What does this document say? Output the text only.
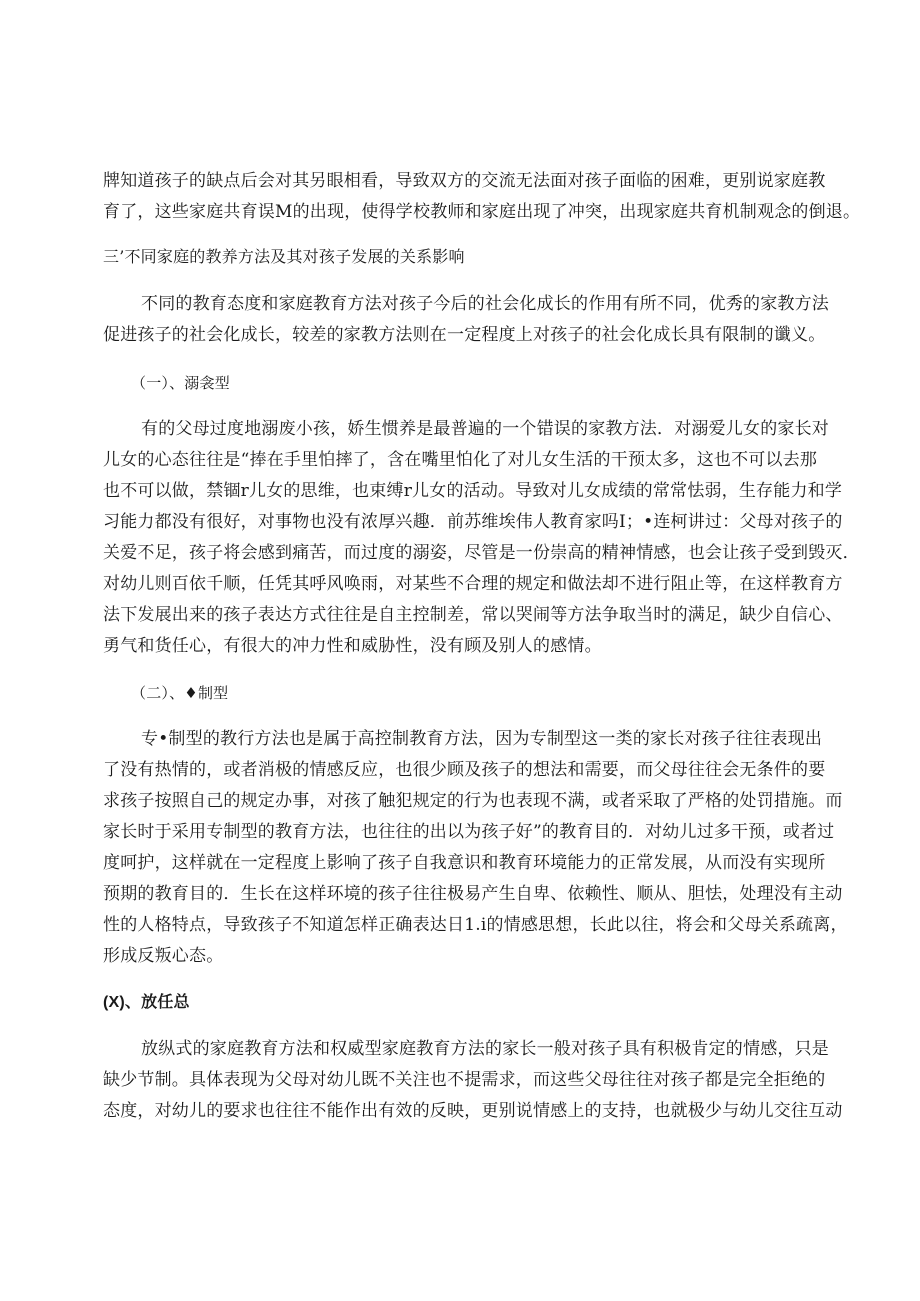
牌知道孩子的缺点后会对其另眼相看，导致双方的交流无法面对孩子面临的困难，更别说家庭教
育了，这些家庭共育误M的出现，使得学校教师和家庭出现了冲突，出现家庭共育机制观念的倒退。
三’不同家庭的教养方法及其对孩子发展的关系影响
不同的教育态度和家庭教育方法对孩子今后的社会化成长的作用有所不同，优秀的家教方法
促进孩子的社会化成长，较差的家教方法则在一定程度上对孩子的社会化成长具有限制的谶义。
（一）、溺衾型
有的父母过度地溺废小孩，娇生惯养是最普遍的一个错误的家教方法．对溺爱儿女的家长对
儿女的心态往往是“捧在手里怕摔了，含在嘴里怕化了对儿女生活的干预太多，这也不可以去那
也不可以做，禁锢r儿女的思维，也束缚r儿女的活动。导致对儿女成绩的常常怯弱，生存能力和学
习能力都没有很好，对事物也没有浓厚兴趣．前苏维埃伟人教育家吗I；•连柯讲过：父母对孩子的
关爱不足，孩子将会感到痛苦，而过度的溺姿，尽管是一份崇高的精神情感，也会让孩子受到毁灭．
对幼儿则百依千顺，任凭其呼风唤雨，对某些不合理的规定和做法却不进行阻止等，在这样教育方
法下发展出来的孩子表达方式往往是自主控制差，常以哭闹等方法争取当时的满足，缺少自信心、
勇气和货任心，有很大的冲力性和威胁性，没有顾及别人的感情。
（二）、♦制型
专•制型的教行方法也是属于高控制教育方法，因为专制型这一类的家长对孩子往往表现出
了没有热情的，或者消极的情感反应，也很少顾及孩子的想法和需要，而父母往往会无条件的要
求孩子按照自己的规定办事，对孩了触犯规定的行为也表现不满，或者采取了严格的处罚措施。而
家长时于采用专制型的教育方法，也往往的出以为孩子好”的教育目的．对幼儿过多干预，或者过
度呵护，这样就在一定程度上影响了孩子自我意识和教育环境能力的正常发展，从而没有实现所
预期的教育目的．生长在这样环境的孩子往往极易产生自卑、依赖性、顺从、胆怯，处理没有主动
性的人格特点，导致孩子不知道怎样正确表达日1.i的情感思想，长此以往，将会和父母关系疏离，
形成反叛心态。
(X)、放任总
放纵式的家庭教育方法和权威型家庭教育方法的家长一般对孩子具有积极肯定的情感，只是
缺少节制。具体表现为父母对幼儿既不关注也不提需求，而这些父母往往对孩子都是完全拒绝的
态度，对幼儿的要求也往往不能作出有效的反映，更别说情感上的支持，也就极少与幼儿交往互动
